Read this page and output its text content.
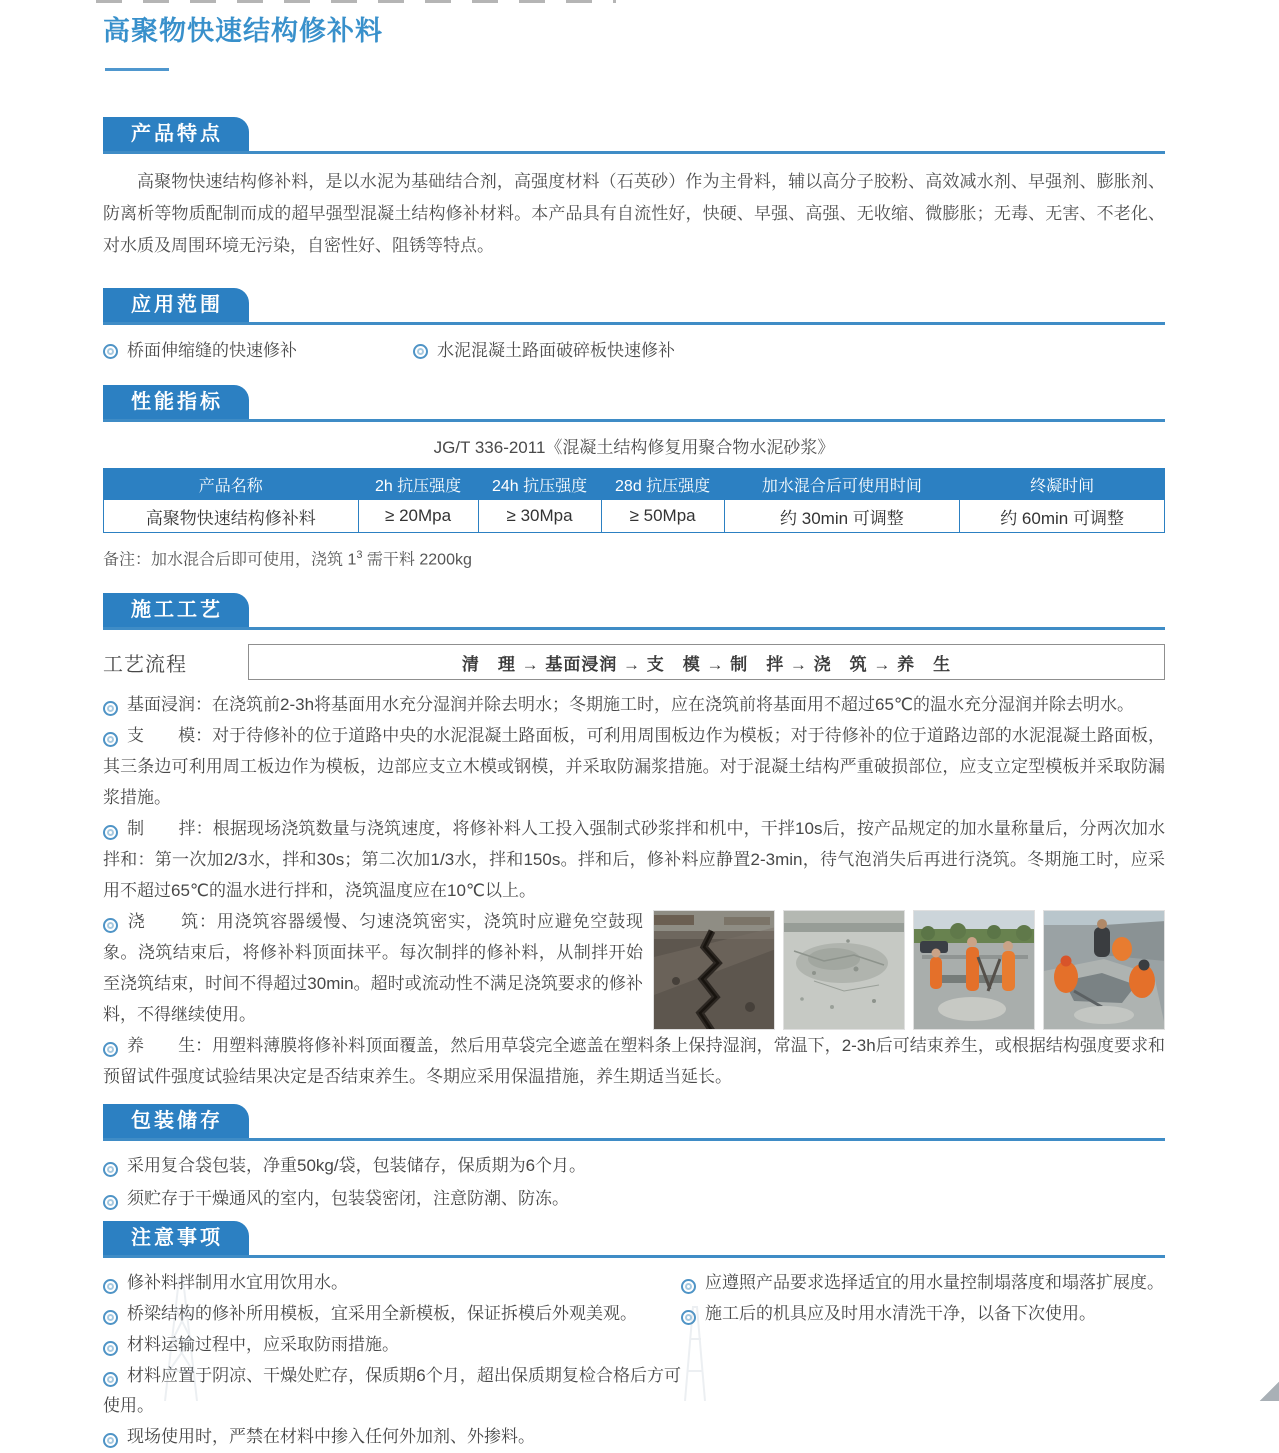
高聚物快速结构修补料
产品特点

高聚物快速结构修补料，是以水泥为基础结合剂，高强度材料（石英砂）作为主骨料，辅以高分子胶粉、高效减水剂、早强剂、膨胀剂、防离析等物质配制而成的超早强型混凝土结构修补材料。本产品具有自流性好，快硬、早强、高强、无收缩、微膨胀；无毒、无害、不老化、对水质及周围环境无污染，自密性好、阻锈等特点。

应用范围
桥面伸缩缝的快速修补	水泥混凝土路面破碎板快速修补
性能指标

JG/T 336-2011《混凝土结构修复用聚合物水泥砂浆》

产品名称	2h 抗压强度	24h 抗压强度	28d 抗压强度	加水混合后可使用时间	终凝时间
高聚物快速结构修补料	≥ 20Mpa	≥ 30Mpa	≥ 50Mpa	约 30min 可调整	约 60min 可调整

备注：加水混合后即可使用，浇筑 $1^3$ 需干料 2200kg

施工工艺
工艺流程	清　理 → 基面浸润 → 支　模 → 制　拌 → 浇　筑 → 养　生

基面浸润：在浇筑前2-3h将基面用水充分湿润并除去明水；冬期施工时，应在浇筑前将基面用不超过65℃的温水充分湿润并除去明水。

支　　模：对于待修补的位于道路中央的水泥混凝土路面板，可利用周围板边作为模板；对于待修补的位于道路边部的水泥混凝土路面板，其三条边可利用周工板边作为模板，边部应支立木模或钢模，并采取防漏浆措施。对于混凝土结构严重破损部位，应支立定型模板并采取防漏浆措施。

制　　拌：根据现场浇筑数量与浇筑速度，将修补料人工投入强制式砂浆拌和机中，干拌10s后，按产品规定的加水量称量后，分两次加水拌和：第一次加2/3水，拌和30s；第二次加1/3水，拌和150s。拌和后，修补料应静置2-3min，待气泡消失后再进行浇筑。冬期施工时，应采用不超过65℃的温水进行拌和，浇筑温度应在10℃以上。

浇　　筑：用浇筑容器缓慢、匀速浇筑密实，浇筑时应避免空鼓现象。浇筑结束后，将修补料顶面抹平。每次制拌的修补料，从制拌开始至浇筑结束，时间不得超过30min。超时或流动性不满足浇筑要求的修补料，不得继续使用。

养　　生：用塑料薄膜将修补料顶面覆盖，然后用草袋完全遮盖在塑料条上保持湿润，常温下，2-3h后可结束养生，或根据结构强度要求和预留试件强度试验结果决定是否结束养生。冬期应采用保温措施，养生期适当延长。

包装储存

采用复合袋包装，净重50kg/袋，包装储存，保质期为6个月。

须贮存于干燥通风的室内，包装袋密闭，注意防潮、防冻。

注意事项

修补料拌制用水宜用饮用水。

桥梁结构的修补所用模板，宜采用全新模板，保证拆模后外观美观。

材料运输过程中，应采取防雨措施。

材料应置于阴凉、干燥处贮存，保质期6个月，超出保质期复检合格后方可使用。

现场使用时，严禁在材料中掺入任何外加剂、外掺料。

应遵照产品要求选择适宜的用水量控制塌落度和塌落扩展度。

施工后的机具应及时用水清洗干净，以备下次使用。
